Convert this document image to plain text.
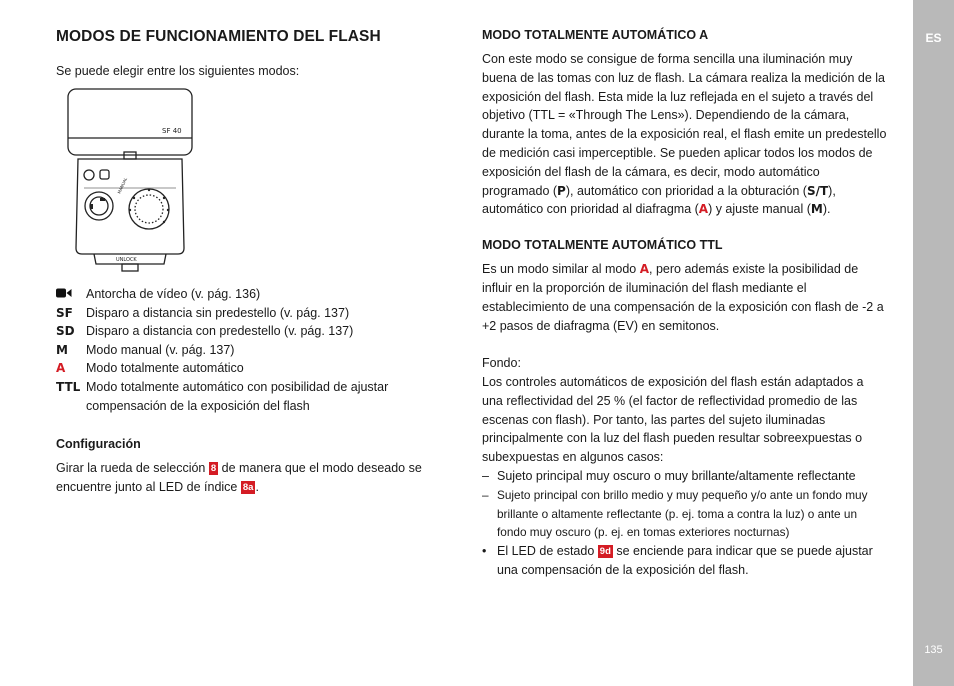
ES
135
MODOS DE FUNCIONAMIENTO DEL FLASH
Se puede elegir entre los siguientes modos:
SF 40
UNLOCK
MANUAL
Antorcha de vídeo (v. pág. 136)
SF	Disparo a distancia sin predestello (v. pág. 137)
SD Disparo a distancia con predestello (v. pág. 137)
M	Modo manual (v. pág. 137)
A	Modo totalmente automático
TTL Modo totalmente automático con posibilidad de ajustar compensación de la exposición del flash
Configuración
Girar la rueda de selección 8 de manera que el modo deseado se encuentre junto al LED de índice 8a .
MODO TOTALMENTE AUTOMÁTICO A
Con este modo se consigue de forma sencilla una iluminación muy buena de las tomas con luz de flash. La cámara realiza la medición de la exposición del flash. Esta mide la luz reflejada en el sujeto a través del objetivo (TTL = «Through The Lens»). Dependiendo de la cámara, durante la toma, antes de la exposición real, el flash emite un predestello de medición casi imperceptible. Se pueden aplicar todos los modos de exposición del flash de la cámara, es decir, modo automático programado (P), automático con prioridad a la obturación (S/T), automático con prioridad al diafragma (A) y ajuste manual (M).
MODO TOTALMENTE AUTOMÁTICO TTL
Es un modo similar al modo A, pero además existe la posibilidad de influir en la proporción de iluminación del flash mediante el establecimiento de una compensación de la exposición con flash de -2 a +2 pasos de diafragma (EV) en semitonos.
Fondo:
Los controles automáticos de exposición del flash están adaptados a una reflectividad del 25 % (el factor de reflectividad promedio de las escenas con flash). Por tanto, las partes del sujeto iluminadas principalmente con la luz del flash pueden resultar sobreexpuestas o subexpuestas en algunos casos:
– Sujeto principal muy oscuro o muy brillante/altamente reflectante
– Sujeto principal con brillo medio y muy pequeño y/o ante un fondo muy brillante o altamente reflectante (p. ej. toma a contra la luz) o ante un fondo muy oscuro (p. ej. en tomas exteriores nocturnas)
• El LED de estado 9d se enciende para indicar que se puede ajustar una compensación de la exposición del flash.
